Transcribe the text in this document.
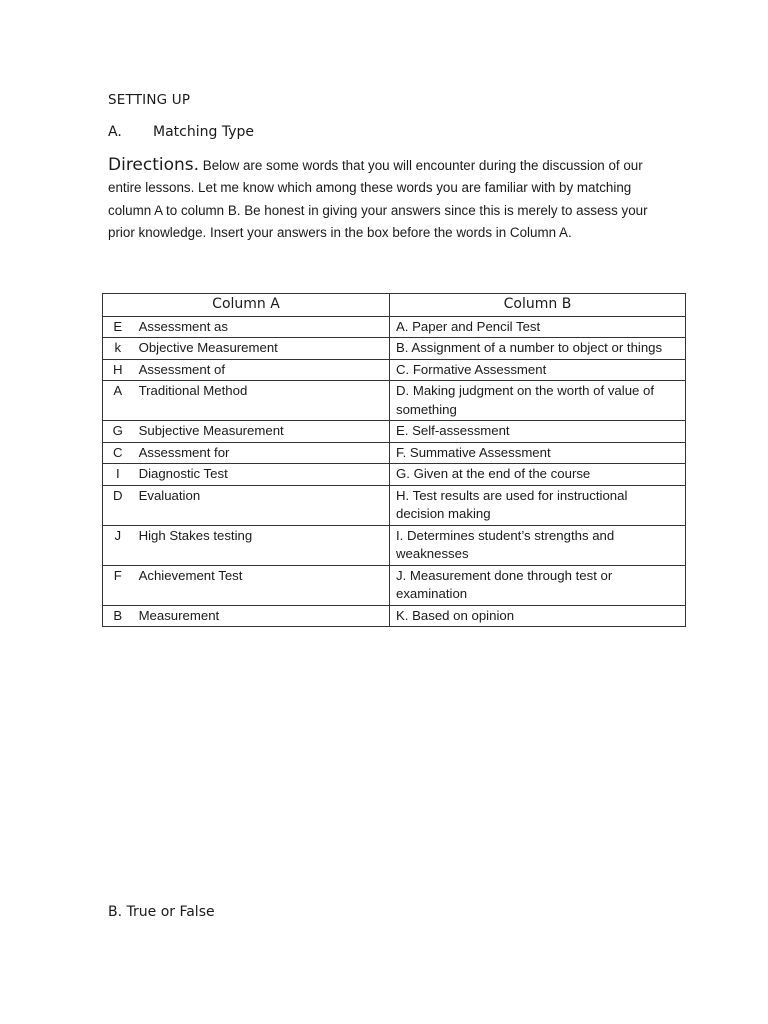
SETTING UP
A. Matching Type
Directions. Below are some words that you will encounter during the discussion of our entire lessons. Let me know which among these words you are familiar with by matching column A to column B. Be honest in giving your answers since this is merely to assess your prior knowledge. Insert your answers in the box before the words in Column A.
Column A		Column B
E	Assessment as	A. Paper and Pencil Test
k	Objective Measurement	B. Assignment of a number to object or things
H	Assessment of	C. Formative Assessment
A	Traditional Method	D. Making judgment on the worth of value of something
G	Subjective Measurement	E. Self-assessment
C	Assessment for	F. Summative Assessment
I	Diagnostic Test	G. Given at the end of the course
D	Evaluation	H. Test results are used for instructional decision making
J	High Stakes testing	I. Determines student’s strengths and weaknesses
F	Achievement Test	J. Measurement done through test or examination
B	Measurement	K. Based on opinion
B. True or False
